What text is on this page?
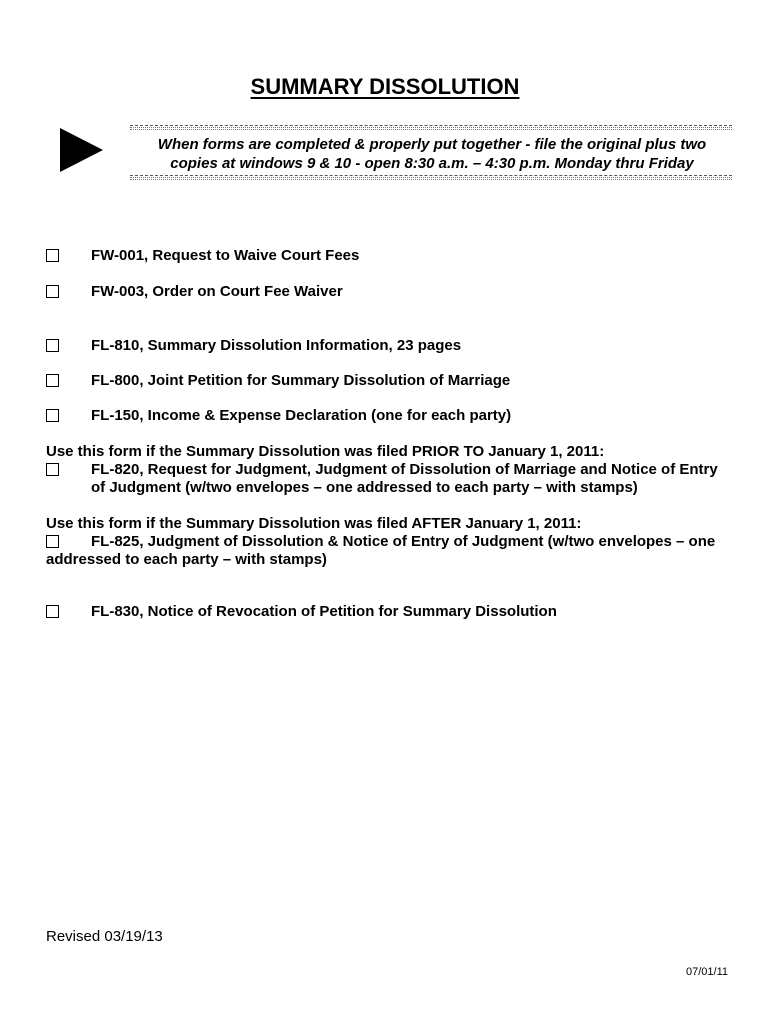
SUMMARY DISSOLUTION
When forms are completed & properly put together - file the original plus two
copies at windows 9 & 10 - open 8:30 a.m. – 4:30 p.m. Monday thru Friday
FW-001, Request to Waive Court Fees
FW-003, Order on Court Fee Waiver
FL-810, Summary Dissolution Information, 23 pages
FL-800, Joint Petition for Summary Dissolution of Marriage
FL-150, Income & Expense Declaration (one for each party)
Use this form if the Summary Dissolution was filed PRIOR TO January 1, 2011:
FL-820, Request for Judgment, Judgment of Dissolution of Marriage and Notice of Entry
of Judgment (w/two envelopes – one addressed to each party – with stamps)
Use this form if the Summary Dissolution was filed AFTER January 1, 2011:
FL-825, Judgment of Dissolution & Notice of Entry of Judgment (w/two envelopes – one
addressed to each party – with stamps)
FL-830, Notice of Revocation of Petition for Summary Dissolution
Revised 03/19/13
07/01/11
